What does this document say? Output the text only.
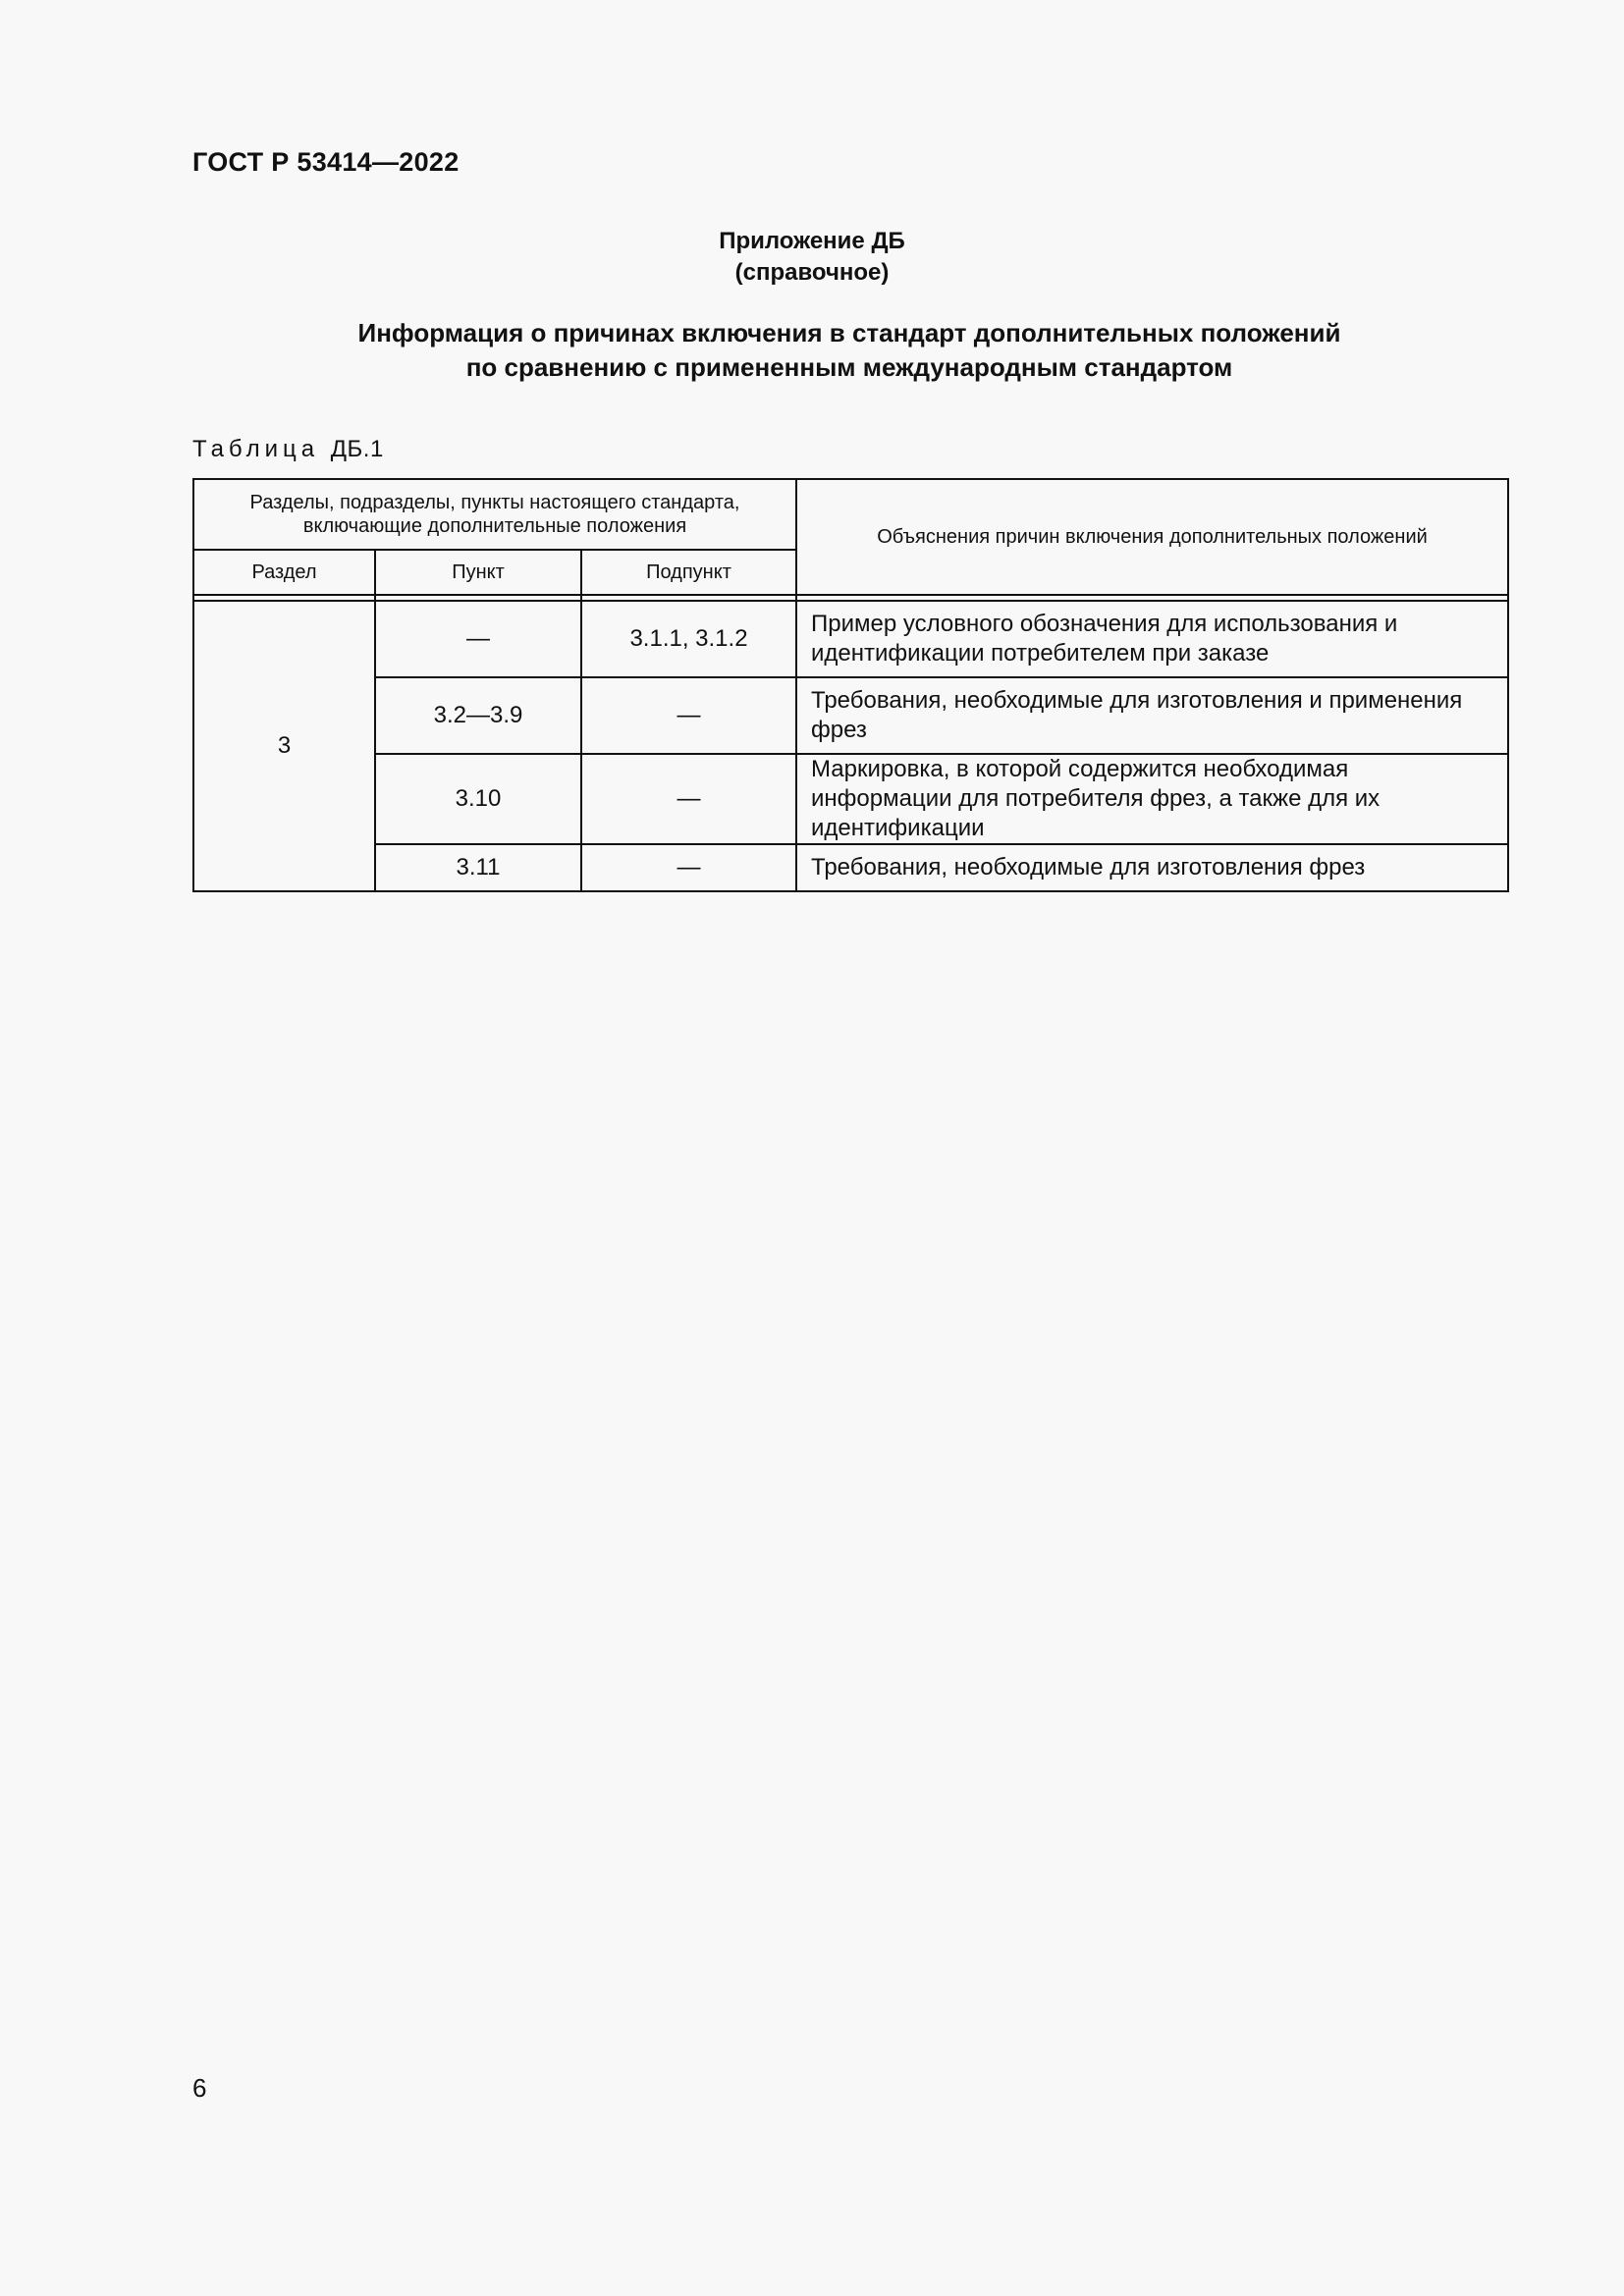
ГОСТ Р 53414—2022
Приложение ДБ
(справочное)
Информация о причинах включения в стандарт дополнительных положений
по сравнению с примененным международным стандартом
Таблица ДБ.1
Разделы, подразделы, пункты настоящего стандарта, включающие дополнительные положения			Объяснения причин включения дополнительных положений
Раздел	Пункт	Подпункт	

3	—	3.1.1, 3.1.2	Пример условного обозначения для использования и идентификации потребителем при заказе
	3.2—3.9	—	Требования, необходимые для изготовления и применения фрез
	3.10	—	Маркировка, в которой содержится необходимая информации для потребителя фрез, а также для их идентификации
	3.11	—	Требования, необходимые для изготовления фрез
6
